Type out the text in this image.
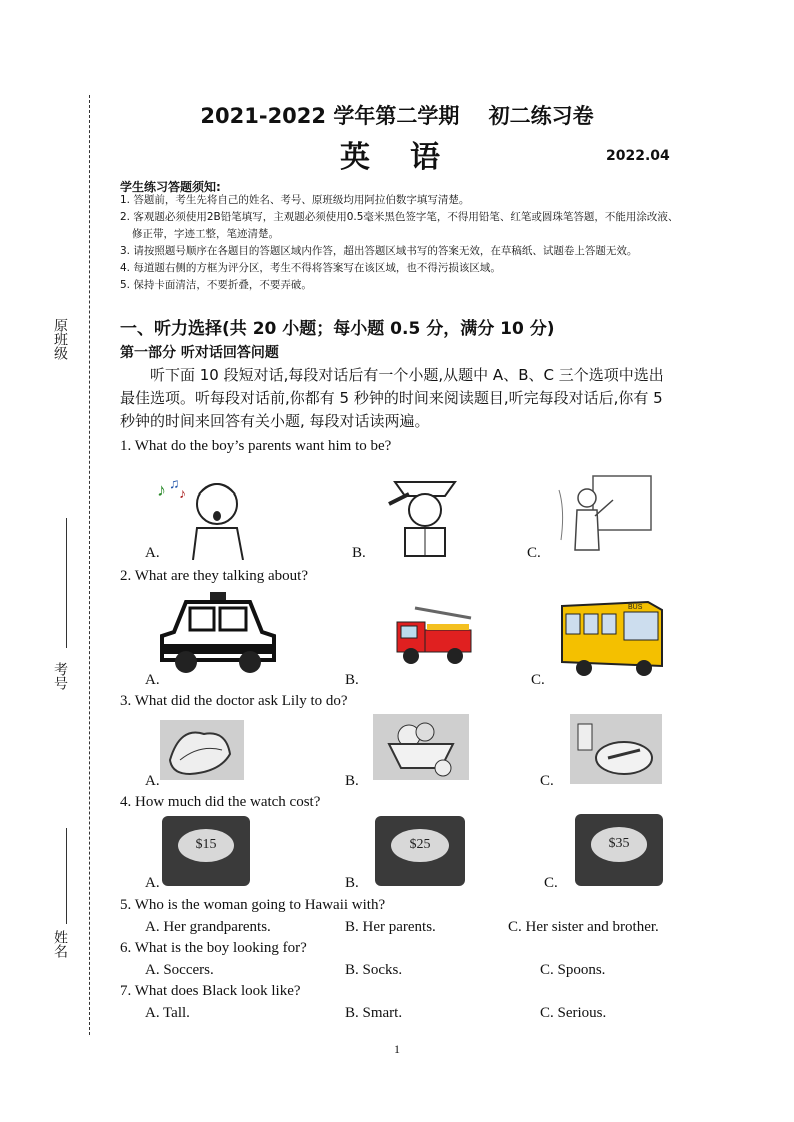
原班级
考号
姓名
2021-2022 学年第二学期    初二练习卷
英语	2022.04
学生练习答题须知:
1. 答题前，考生先将自己的姓名、考号、原班级均用阿拉伯数字填写清楚。
2. 客观题必须使用2B铅笔填写，主观题必须使用0.5毫米黑色签字笔，不得用铅笔、红笔或圆珠笔答题，不能用涂改液、修正带，字迹工整，笔迹清楚。
3. 请按照题号顺序在各题目的答题区域内作答，超出答题区域书写的答案无效，在草稿纸、试题卷上答题无效。
4. 每道题右侧的方框为评分区，考生不得将答案写在该区域，也不得污损该区域。
5. 保持卡面清洁，不要折叠，不要弄破。
一、听力选择(共 20 小题；每小题 0.5 分，满分 10 分)
第一部分 听对话回答问题
听下面 10 段短对话,每段对话后有一个小题,从题中 A、B、C 三个选项中选出最佳选项。听每段对话前,你都有 5 秒钟的时间来阅读题目,听完每段对话后,你有 5 秒钟的时间来回答有关小题, 每段对话读两遍。
1. What do the boy’s parents want him to be?
A.
♪ ♫
♪
B.	C.
2. What are they talking about?
A.	B.	C.
BUS
3. What did the doctor ask Lily to do?
A.	B.	C.
4. How much did the watch cost?
A.
$15
B.
$25
C.
$35
5. Who is the woman going to Hawaii with?
A. Her grandparents.	B. Her parents.	C. Her sister and brother.
6. What is the boy looking for?
A. Soccers.	B. Socks.	C. Spoons.
7. What does Black look like?
A. Tall.	B. Smart.	C. Serious.
1
